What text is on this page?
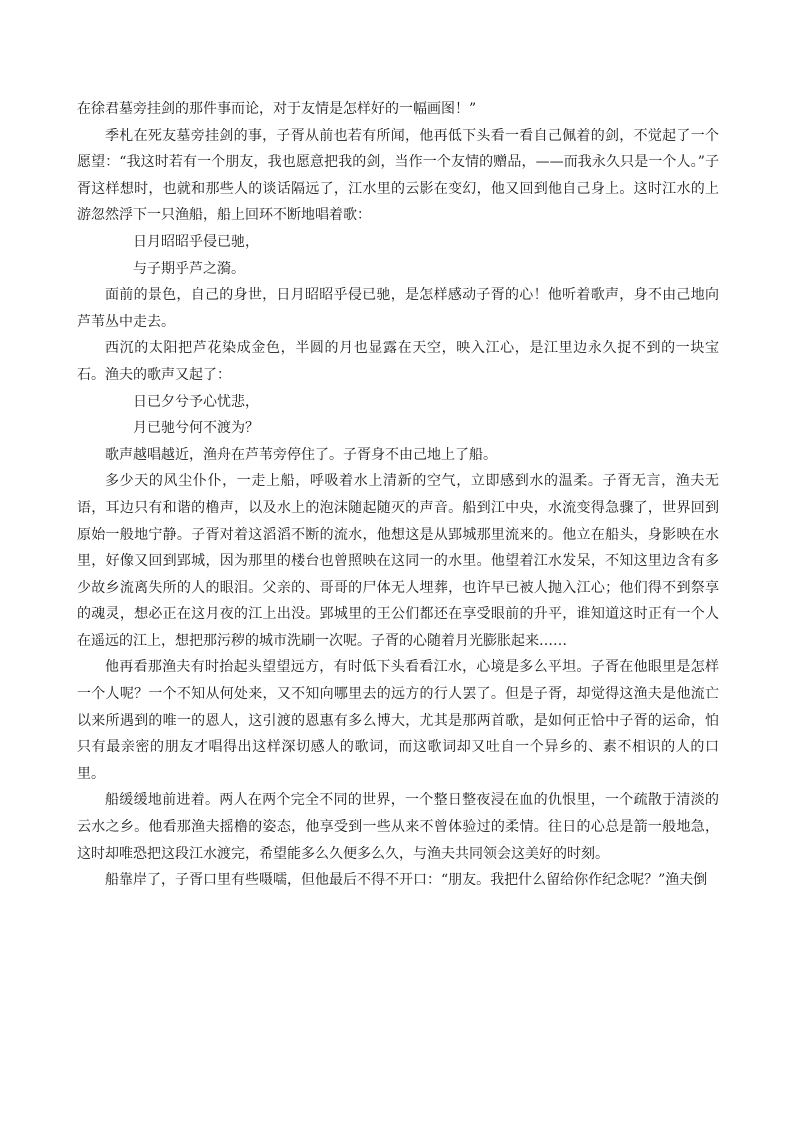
在徐君墓旁挂剑的那件事而论，对于友情是怎样好的一幅画图！”

季札在死友墓旁挂剑的事，子胥从前也若有所闻，他再低下头看一看自己佩着的剑，不觉起了一个愿望：“我这时若有一个朋友，我也愿意把我的剑，当作一个友情的赠品，——而我永久只是一个人。”子胥这样想时，也就和那些人的谈话隔远了，江水里的云影在变幻，他又回到他自己身上。这时江水的上游忽然浮下一只渔船，船上回环不断地唱着歌：

日月昭昭乎侵已驰，

与子期乎芦之漪。

面前的景色，自己的身世，日月昭昭乎侵已驰，是怎样感动子胥的心！他听着歌声，身不由己地向芦苇丛中走去。

西沉的太阳把芦花染成金色，半圆的月也显露在天空，映入江心，是江里边永久捉不到的一块宝石。渔夫的歌声又起了：

日已夕兮予心忧悲，

月已驰兮何不渡为？

歌声越唱越近，渔舟在芦苇旁停住了。子胥身不由己地上了船。

多少天的风尘仆仆，一走上船，呼吸着水上清新的空气，立即感到水的温柔。子胥无言，渔夫无语，耳边只有和谐的橹声，以及水上的泡沫随起随灭的声音。船到江中央，水流变得急骤了，世界回到原始一般地宁静。子胥对着这滔滔不断的流水，他想这是从郢城那里流来的。他立在船头，身影映在水里，好像又回到郢城，因为那里的楼台也曾照映在这同一的水里。他望着江水发呆，不知这里边含有多少故乡流离失所的人的眼泪。父亲的、哥哥的尸体无人埋葬，也许早已被人抛入江心；他们得不到祭享的魂灵，想必正在这月夜的江上出没。郢城里的王公们都还在享受眼前的升平，谁知道这时正有一个人在遥远的江上，想把那污秽的城市洗刷一次呢。子胥的心随着月光膨胀起来……

他再看那渔夫有时抬起头望望远方，有时低下头看看江水，心境是多么平坦。子胥在他眼里是怎样一个人呢？一个不知从何处来，又不知向哪里去的远方的行人罢了。但是子胥，却觉得这渔夫是他流亡以来所遇到的唯一的恩人，这引渡的恩惠有多么博大，尤其是那两首歌，是如何正恰中子胥的运命，怕只有最亲密的朋友才唱得出这样深切感人的歌词，而这歌词却又吐自一个异乡的、素不相识的人的口里。

船缓缓地前进着。两人在两个完全不同的世界，一个整日整夜浸在血的仇恨里，一个疏散于清淡的云水之乡。他看那渔夫摇橹的姿态，他享受到一些从来不曾体验过的柔情。往日的心总是箭一般地急，这时却唯恐把这段江水渡完，希望能多么久便多么久，与渔夫共同领会这美好的时刻。

船靠岸了，子胥口里有些嗫嚅，但他最后不得不开口：“朋友。我把什么留给你作纪念呢？”渔夫倒
